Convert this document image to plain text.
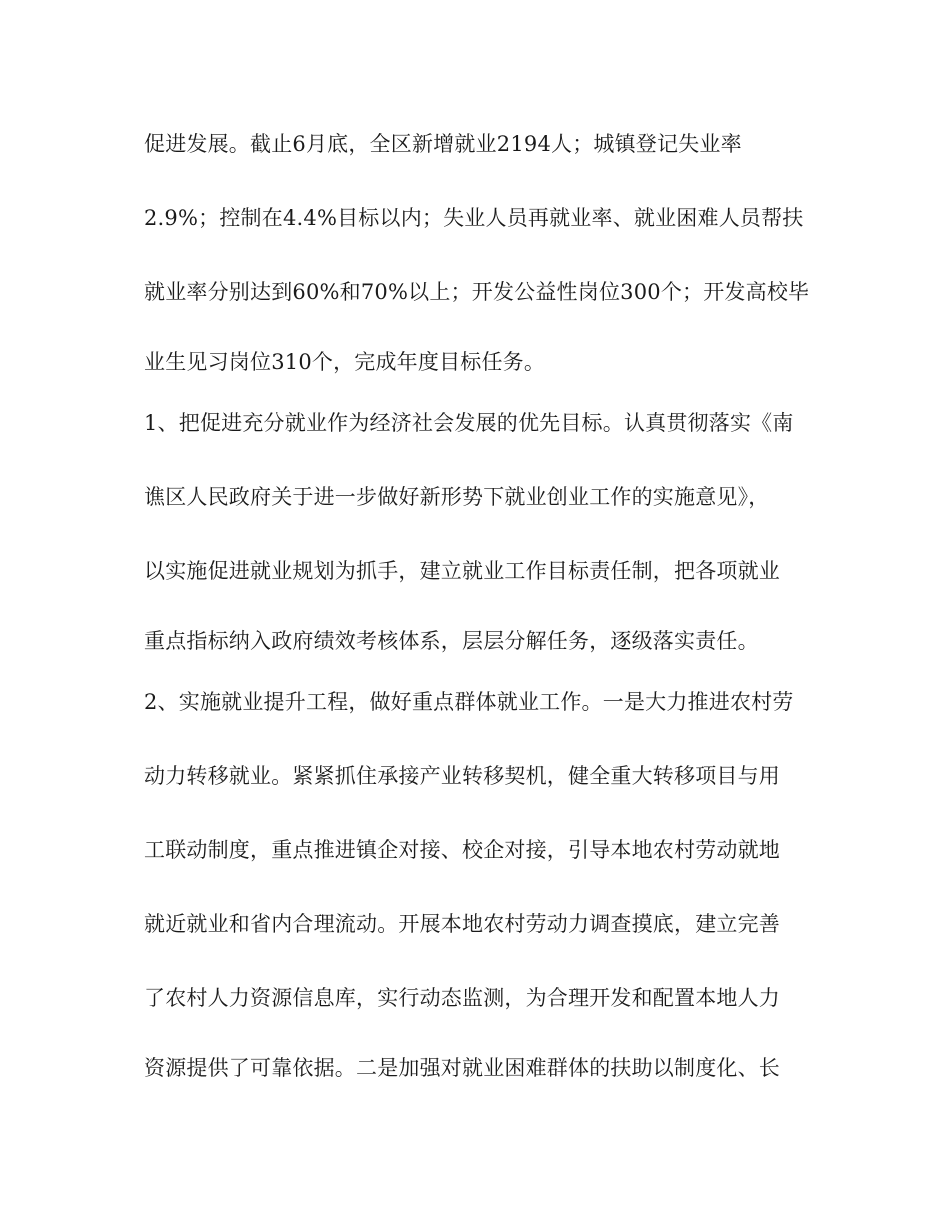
促进发展。截止6月底，全区新增就业2194人；城镇登记失业率
2.9%；控制在4.4%目标以内；失业人员再就业率、就业困难人员帮扶
就业率分别达到60%和70%以上；开发公益性岗位300个；开发高校毕
业生见习岗位310个，完成年度目标任务。
1、把促进充分就业作为经济社会发展的优先目标。认真贯彻落实《南
谯区人民政府关于进一步做好新形势下就业创业工作的实施意见》，
以实施促进就业规划为抓手，建立就业工作目标责任制，把各项就业
重点指标纳入政府绩效考核体系，层层分解任务，逐级落实责任。
2、实施就业提升工程，做好重点群体就业工作。一是大力推进农村劳
动力转移就业。紧紧抓住承接产业转移契机，健全重大转移项目与用
工联动制度，重点推进镇企对接、校企对接，引导本地农村劳动就地
就近就业和省内合理流动。开展本地农村劳动力调查摸底，建立完善
了农村人力资源信息库，实行动态监测，为合理开发和配置本地人力
资源提供了可靠依据。二是加强对就业困难群体的扶助以制度化、长
